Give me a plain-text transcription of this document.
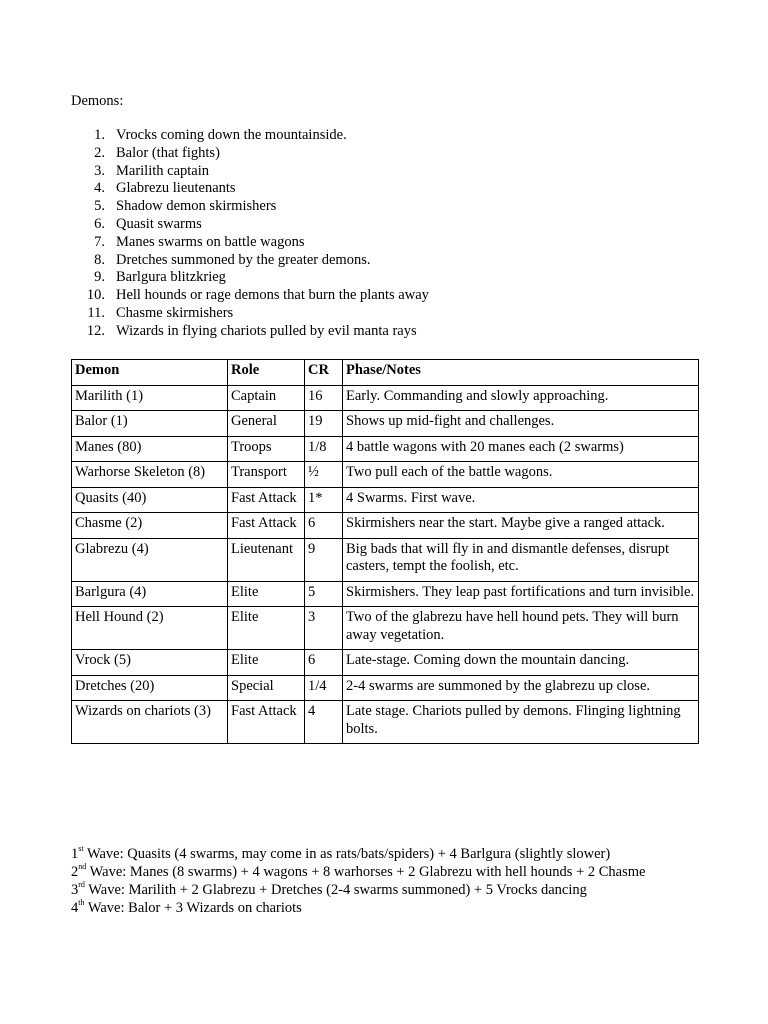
Demons:
1. Vrocks coming down the mountainside.
2. Balor (that fights)
3. Marilith captain
4. Glabrezu lieutenants
5. Shadow demon skirmishers
6. Quasit swarms
7. Manes swarms on battle wagons
8. Dretches summoned by the greater demons.
9. Barlgura blitzkrieg
10. Hell hounds or rage demons that burn the plants away
11. Chasme skirmishers
12. Wizards in flying chariots pulled by evil manta rays
Demon	Role	CR	Phase/Notes
Marilith (1)	Captain	16	Early. Commanding and slowly approaching.
Balor (1)	General	19	Shows up mid-fight and challenges.
Manes (80)	Troops	1/8	4 battle wagons with 20 manes each (2 swarms)
Warhorse Skeleton (8)	Transport	½	Two pull each of the battle wagons.
Quasits (40)	Fast Attack	1*	4 Swarms. First wave.
Chasme (2)	Fast Attack	6	Skirmishers near the start. Maybe give a ranged attack.
Glabrezu (4)	Lieutenant	9	Big bads that will fly in and dismantle defenses, disrupt casters, tempt the foolish, etc.
Barlgura (4)	Elite	5	Skirmishers. They leap past fortifications and turn invisible.
Hell Hound (2)	Elite	3	Two of the glabrezu have hell hound pets. They will burn away vegetation.
Vrock (5)	Elite	6	Late-stage. Coming down the mountain dancing.
Dretches (20)	Special	1/4	2-4 swarms are summoned by the glabrezu up close.
Wizards on chariots (3)	Fast Attack	4	Late stage. Chariots pulled by demons. Flinging lightning bolts.
1st Wave: Quasits (4 swarms, may come in as rats/bats/spiders) + 4 Barlgura (slightly slower)
2nd Wave: Manes (8 swarms) + 4 wagons + 8 warhorses + 2 Glabrezu with hell hounds + 2 Chasme
3rd Wave: Marilith + 2 Glabrezu + Dretches (2-4 swarms summoned) + 5 Vrocks dancing
4th Wave: Balor + 3 Wizards on chariots
